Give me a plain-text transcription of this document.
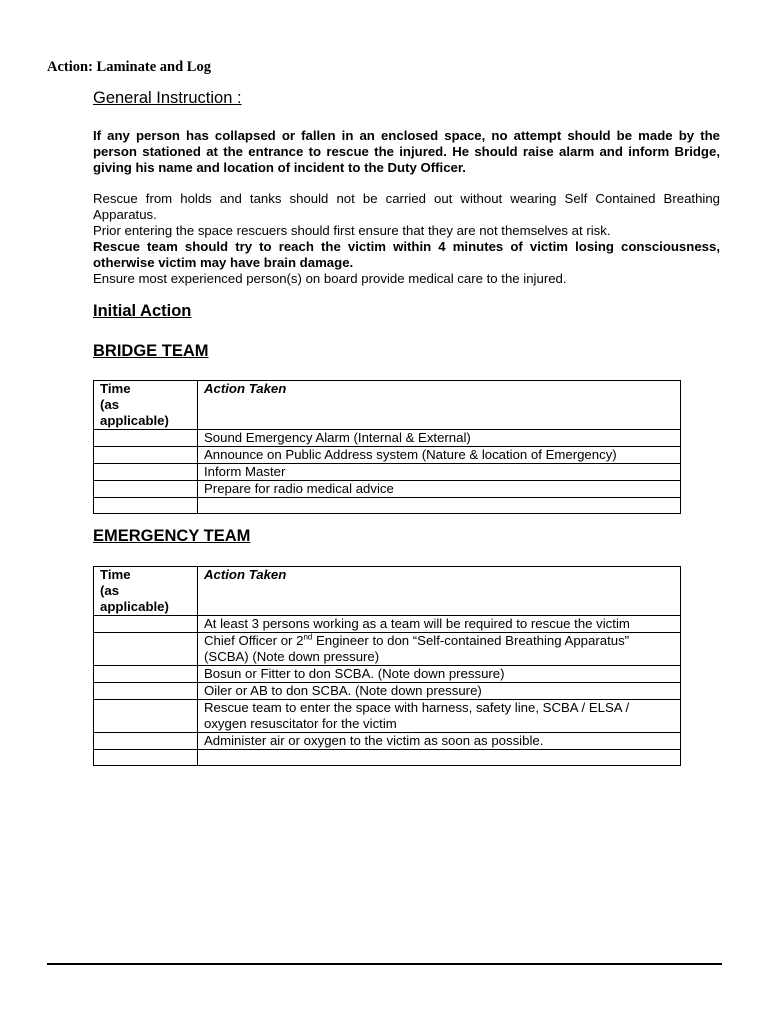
Action: Laminate and Log
General Instruction :
If any person has collapsed or fallen in an enclosed space, no attempt should be made by the person stationed at the entrance to rescue the injured. He should raise alarm and inform Bridge, giving his name and location of incident to the Duty Officer.
Rescue from holds and tanks should not be carried out without wearing Self Contained Breathing Apparatus.
Prior entering the space rescuers should first ensure that they are not themselves at risk.
Rescue team should try to reach the victim within 4 minutes of victim losing consciousness, otherwise victim may have brain damage.
Ensure most experienced person(s) on board provide medical care to the injured.
Initial Action
BRIDGE TEAM
Time
(as
applicable)	Action Taken
	Sound Emergency Alarm (Internal & External)
	Announce on Public Address system (Nature & location of Emergency)
	Inform Master
	Prepare for radio medical advice

EMERGENCY TEAM
Time
(as
applicable)	Action Taken
	At least 3 persons working as a team will be required to rescue the victim
	Chief Officer or 2nd Engineer to don “Self-contained Breathing Apparatus” (SCBA) (Note down pressure)
	Bosun or Fitter to don SCBA. (Note down pressure)
	Oiler or AB to don SCBA. (Note down pressure)
	Rescue team to enter the space with harness, safety line, SCBA / ELSA / oxygen resuscitator for the victim
	Administer air or oxygen to the victim as soon as possible.
